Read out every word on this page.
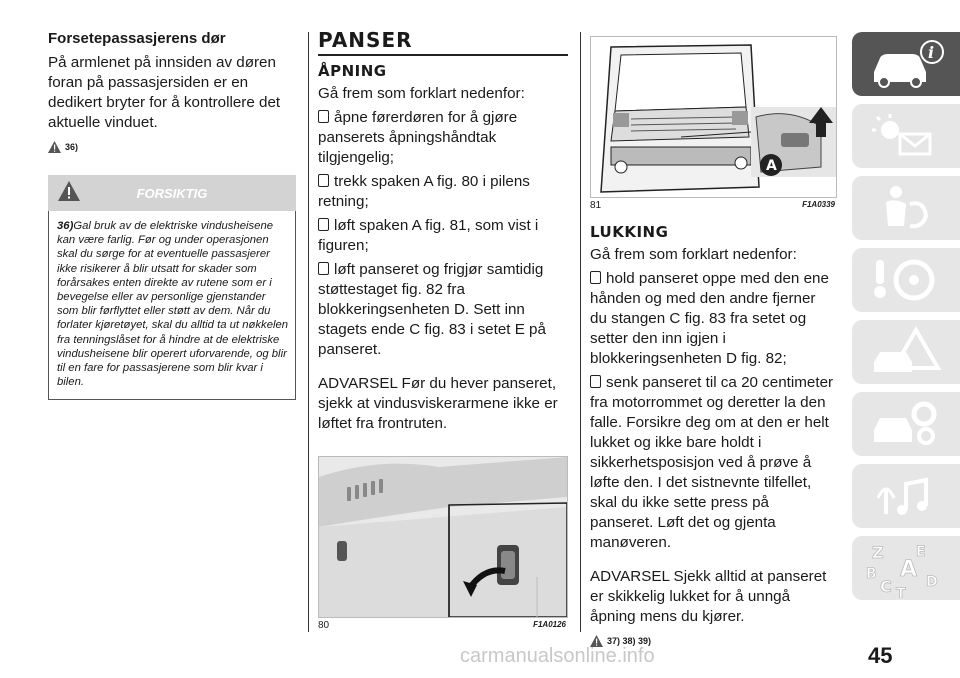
Forsetepassasjerens dør

På armlenet på innsiden av døren foran på passasjersiden er en dedikert bryter for å kontrollere det aktuelle vinduet.

36)
FORSIKTIG
36)Gal bruk av de elektriske vindusheisene kan være farlig. Før og under operasjonen skal du sørge for at eventuelle passasjerer ikke risikerer å blir utsatt for skader som forårsakes enten direkte av rutene som er i bevegelse eller av personlige gjenstander som blir førflyttet eller støtt av dem. Når du forlater kjøretøyet, skal du alltid ta ut nøkkelen fra tenningslåset for å hindre at de elektriske vindusheisene blir operert uforvarende, og blir til en fare for passasjerene som blir kvar i bilen.
PANSER
ÅPNING

Gå frem som forklart nedenfor:

åpne førerdøren for å gjøre panserets åpningshåndtak tilgjengelig;

trekk spaken A fig. 80 i pilens retning;

løft spaken A fig. 81, som vist i figuren;

løft panseret og frigjør samtidig støttestaget fig. 82 fra blokkeringsenheten D. Sett inn stagets ende C fig. 83 i setet E på panseret.

ADVARSEL Før du hever panseret, sjekk at vindusviskerarmene ikke er løftet fra frontruten.

80	F1A0126
A
81	F1A0339
LUKKING

Gå frem som forklart nedenfor:

hold panseret oppe med den ene hånden og med den andre fjerner du stangen C fig. 83 fra setet og setter den inn igjen i blokkeringsenheten D fig. 82;

senk panseret til ca 20 centimeter fra motorrommet og deretter la den falle. Forsikre deg om at den er helt lukket og ikke bare holdt i sikkerhetsposisjon ved å prøve å løfte den. I det sistnevnte tilfellet, skal du ikke sette press på panseret. Løft det og gjenta manøveren.

ADVARSEL Sjekk alltid at panseret er skikkelig lukket for å unngå åpning mens du kjører.

37) 38) 39)
i
Z E
B A
C D
T
45
carmanualsonline.info
